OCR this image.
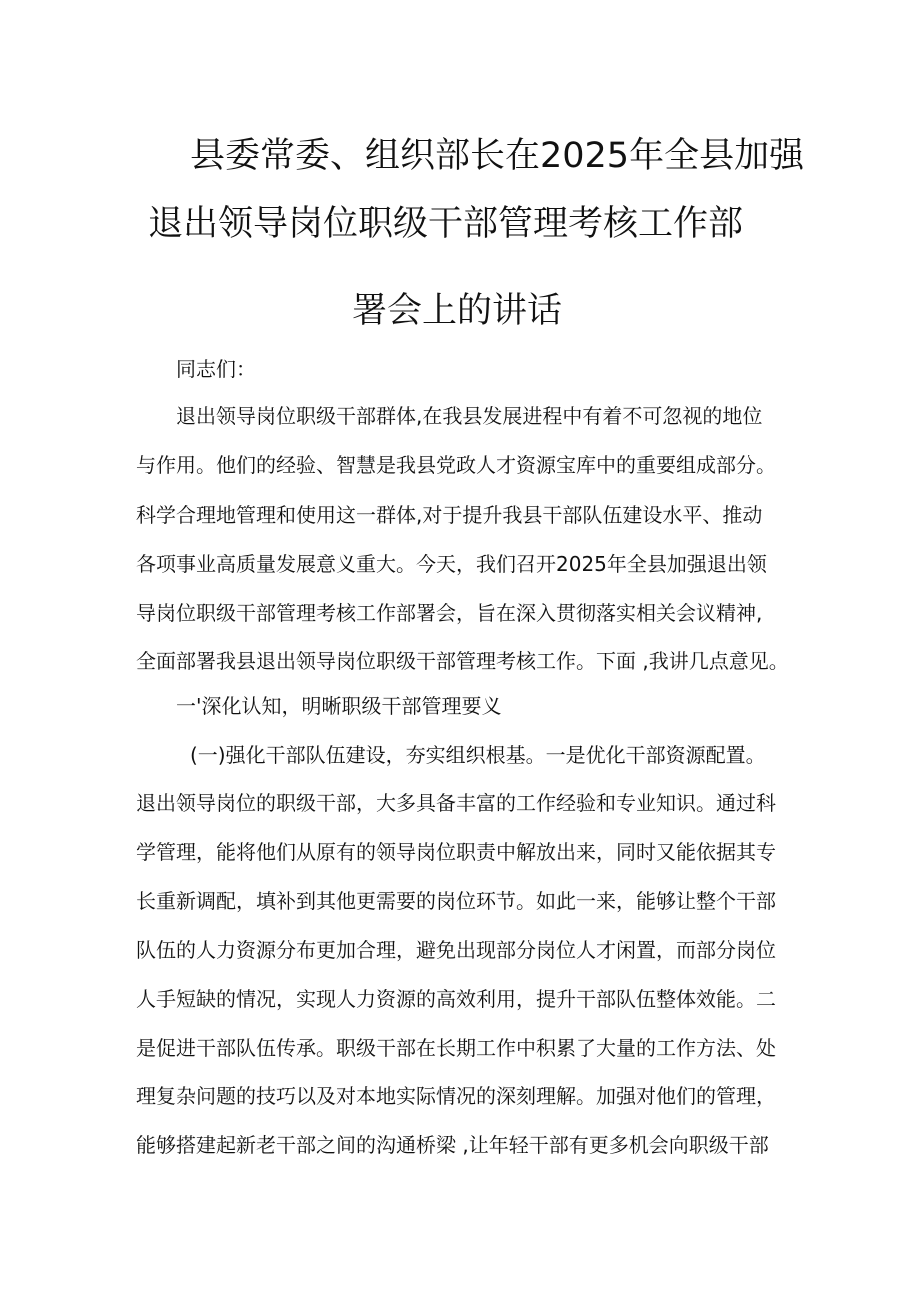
县委常委、组织部长在2025年全县加强
退出领导岗位职级干部管理考核工作部
署会上的讲话
同志们：
退出领导岗位职级干部群体,在我县发展进程中有着不可忽视的地位
与作用。他们的经验、智慧是我县党政人才资源宝库中的重要组成部分。
科学合理地管理和使用这一群体,对于提升我县干部队伍建设水平、推动
各项事业高质量发展意义重大。今天，我们召开2025年全县加强退出领
导岗位职级干部管理考核工作部署会，旨在深入贯彻落实相关会议精神,
全面部署我县退出领导岗位职级干部管理考核工作。下面 ,我讲几点意见。
一'深化认知，明晰职级干部管理要义
(一)强化干部队伍建设，夯实组织根基。一是优化干部资源配置。
退出领导岗位的职级干部，大多具备丰富的工作经验和专业知识。通过科
学管理，能将他们从原有的领导岗位职责中解放出来，同时又能依据其专
长重新调配，填补到其他更需要的岗位环节。如此一来，能够让整个干部
队伍的人力资源分布更加合理，避免出现部分岗位人才闲置，而部分岗位
人手短缺的情况，实现人力资源的高效利用，提升干部队伍整体效能。二
是促进干部队伍传承。职级干部在长期工作中积累了大量的工作方法、处
理复杂问题的技巧以及对本地实际情况的深刻理解。加强对他们的管理，
能够搭建起新老干部之间的沟通桥梁 ,让年轻干部有更多机会向职级干部
